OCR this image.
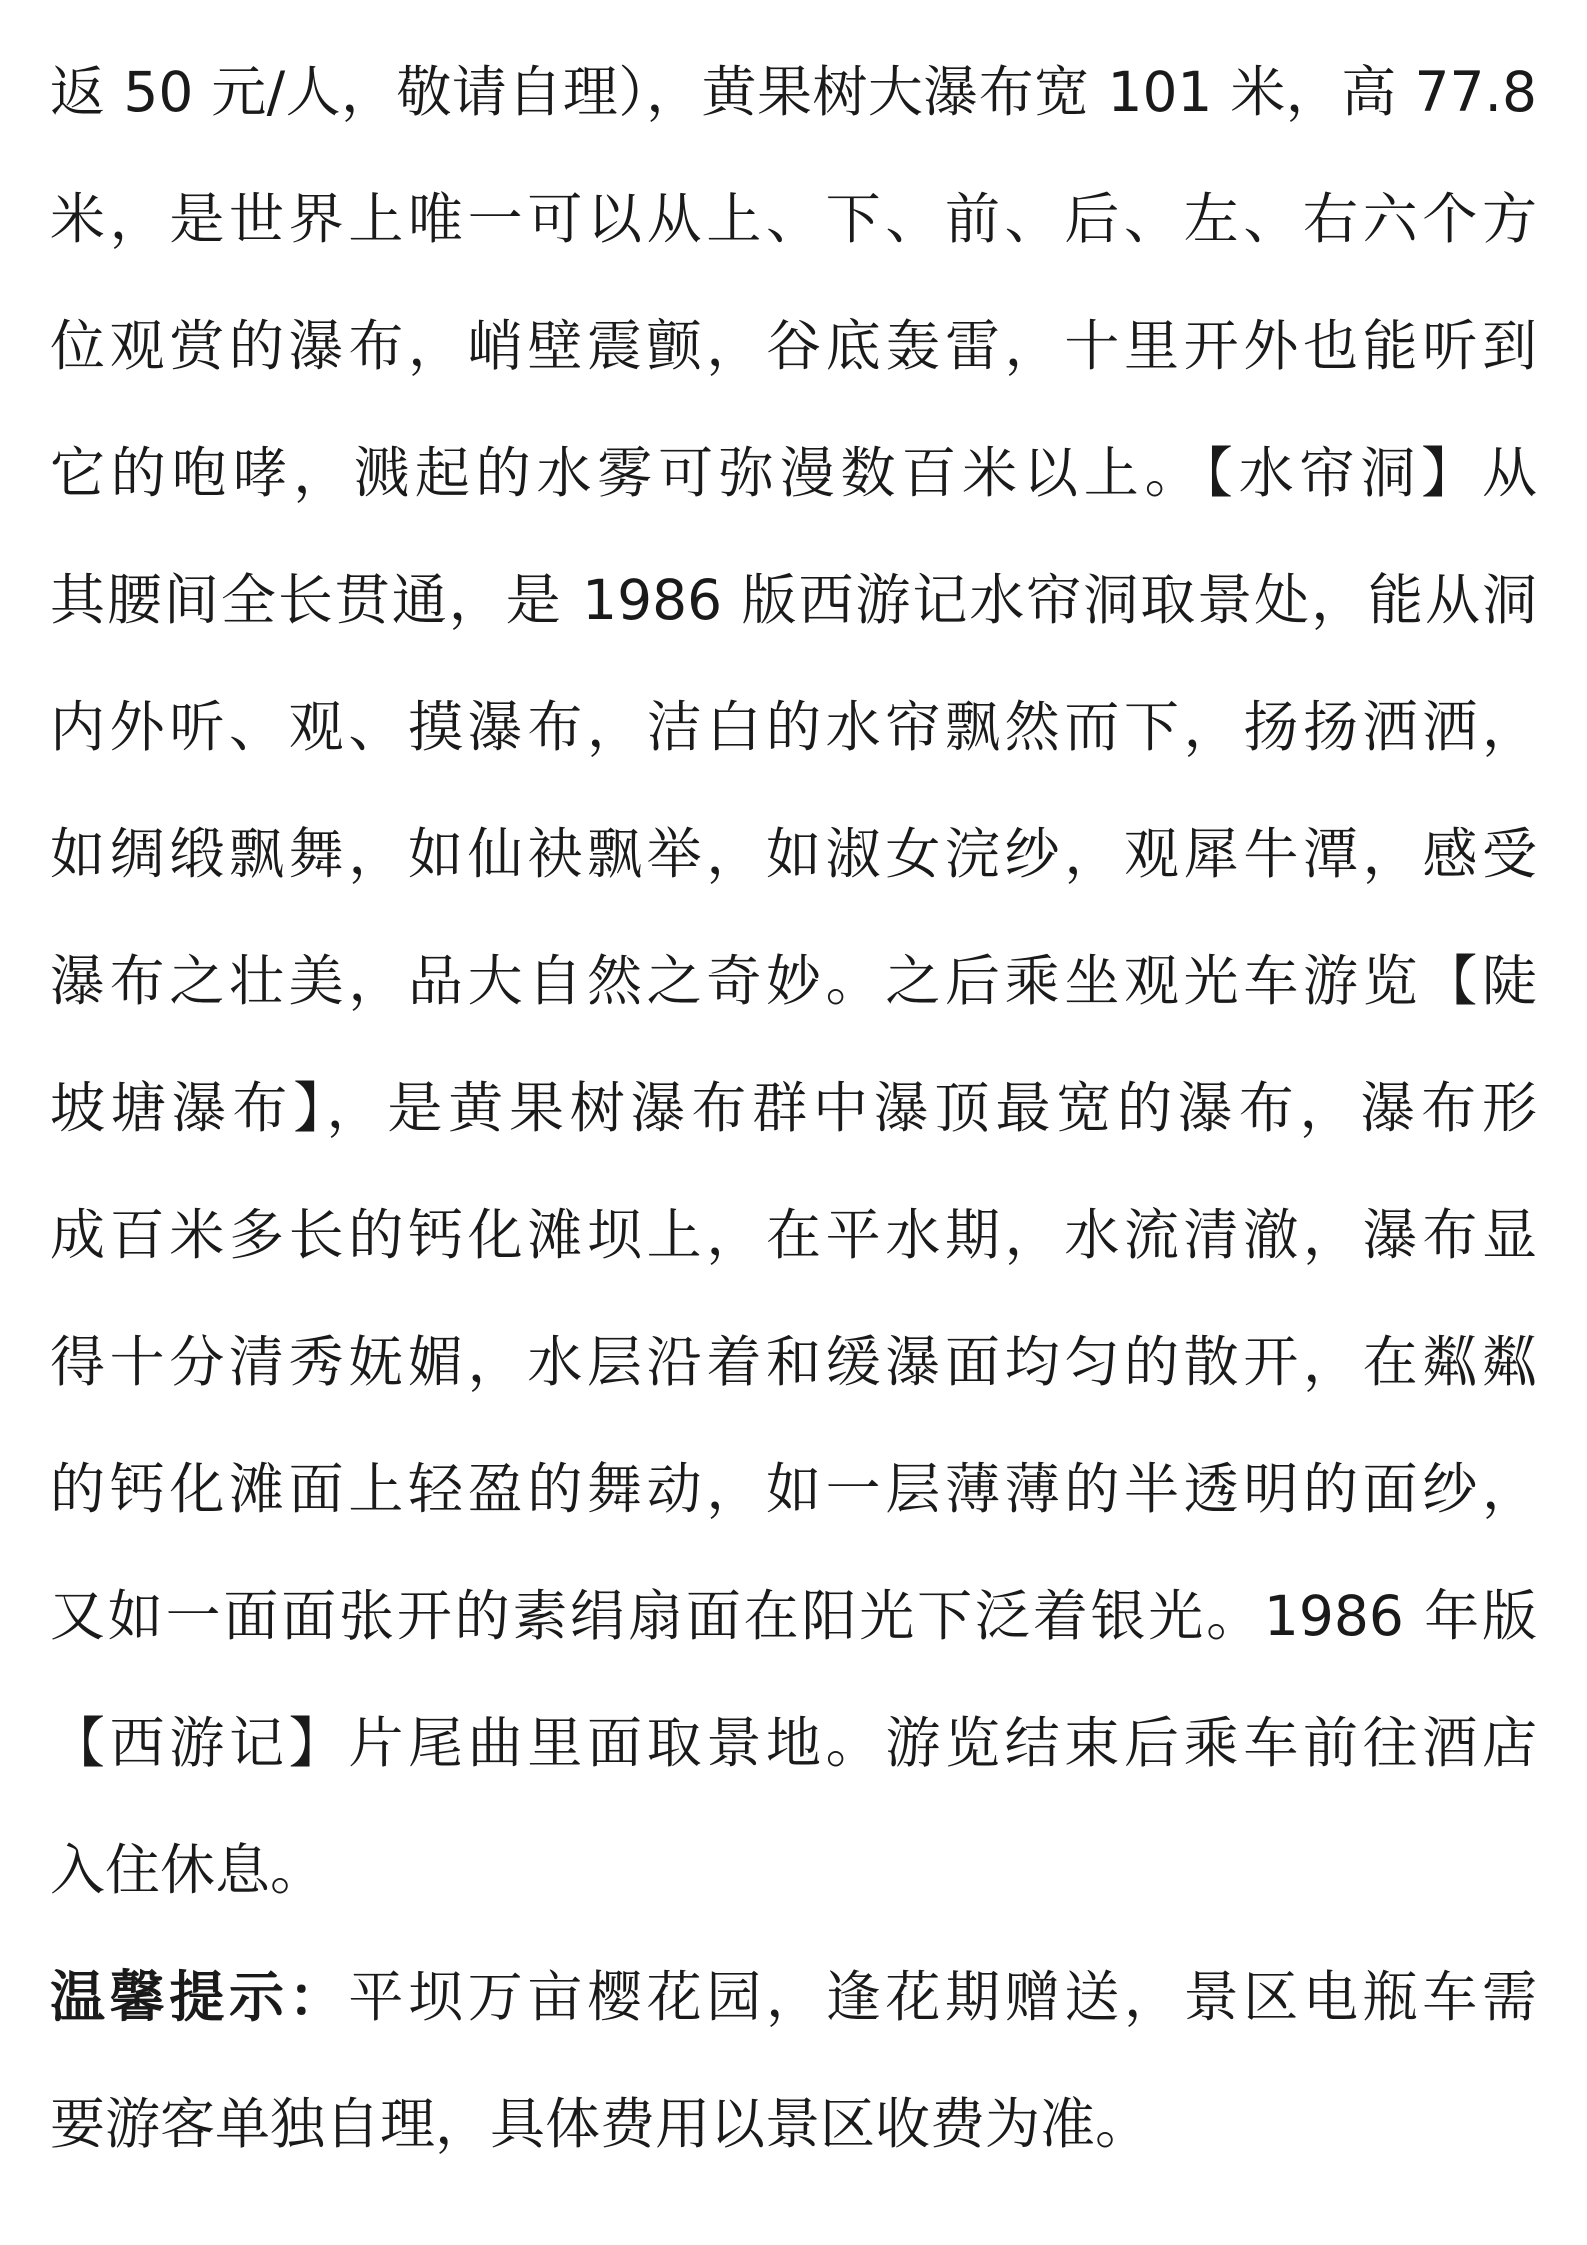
返 50 元/人，敬请自理），黄果树大瀑布宽 101 米，高 77.8
米，是世界上唯一可以从上、下、前、后、左、右六个方
位观赏的瀑布，峭壁震颤，谷底轰雷，十里开外也能听到
它的咆哮，溅起的水雾可弥漫数百米以上。【水帘洞】从
其腰间全长贯通，是 1986 版西游记水帘洞取景处，能从洞
内外听、观、摸瀑布，洁白的水帘飘然而下，扬扬洒洒，
如绸缎飘舞，如仙袂飘举，如淑女浣纱，观犀牛潭，感受
瀑布之壮美，品大自然之奇妙。之后乘坐观光车游览【陡
坡塘瀑布】，是黄果树瀑布群中瀑顶最宽的瀑布，瀑布形
成百米多长的钙化滩坝上，在平水期，水流清澈，瀑布显
得十分清秀妩媚，水层沿着和缓瀑面均匀的散开，在粼粼
的钙化滩面上轻盈的舞动，如一层薄薄的半透明的面纱，
又如一面面张开的素绢扇面在阳光下泛着银光。1986 年版
【西游记】片尾曲里面取景地。游览结束后乘车前往酒店
入住休息。
温馨提示：平坝万亩樱花园，逢花期赠送，景区电瓶车需
要游客单独自理，具体费用以景区收费为准。
